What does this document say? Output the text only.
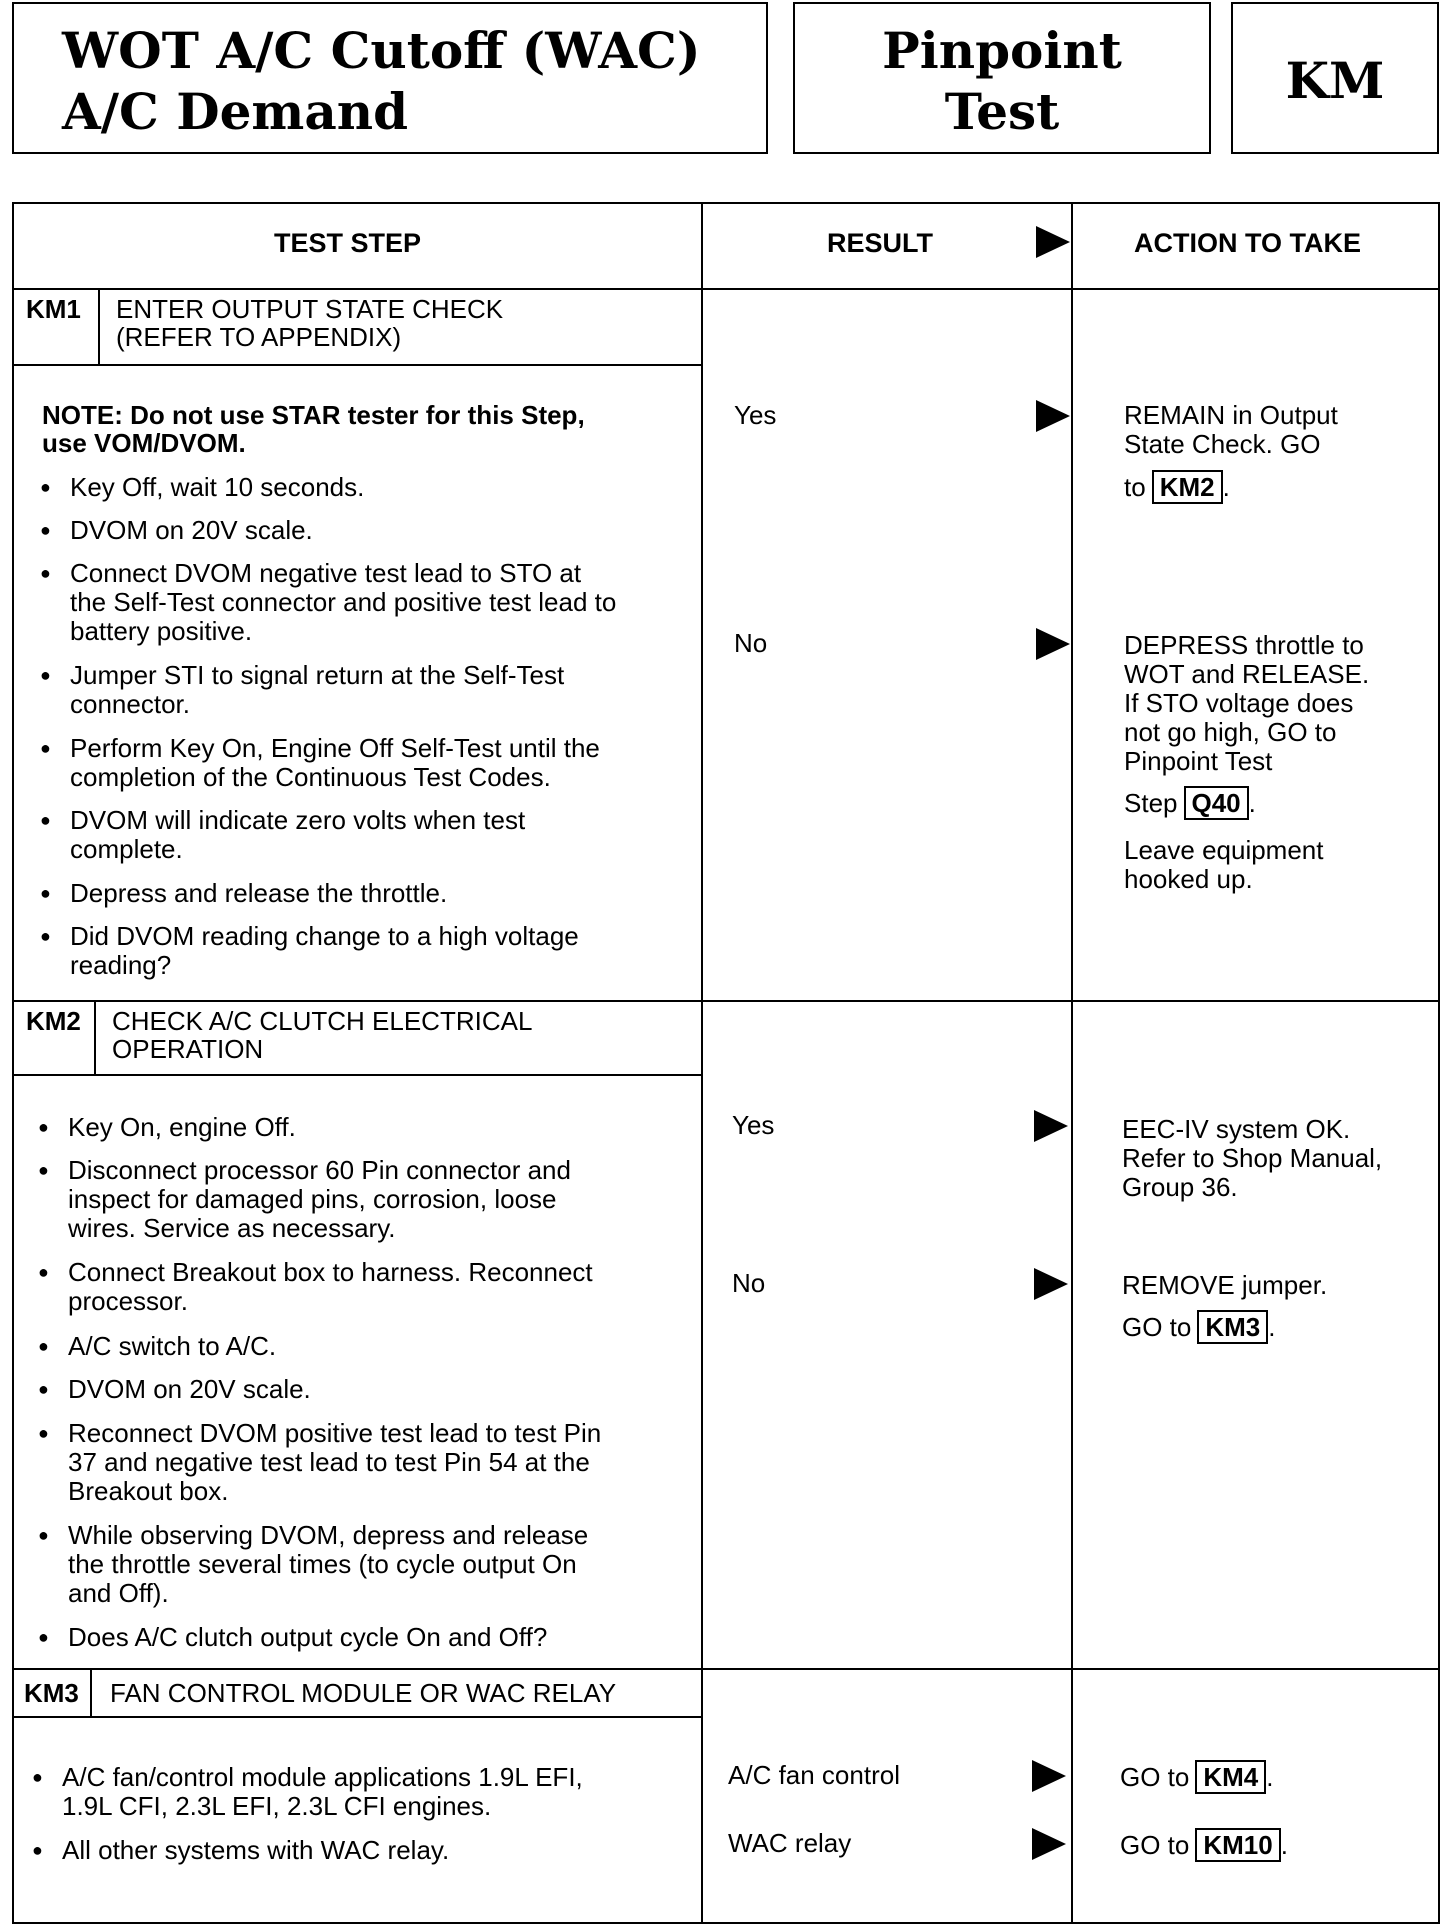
WOT A/C Cutoff (WAC)
A/C Demand
Pinpoint
Test
KM
TEST STEP	RESULT	ACTION TO TAKE
KM1 ENTER OUTPUT STATE CHECK
(REFER TO APPENDIX)
NOTE: Do not use STAR tester for this Step,
use VOM/DVOM.
● Key Off, wait 10 seconds.
● DVOM on 20V scale.
● Connect DVOM negative test lead to STO at
the Self-Test connector and positive test lead to
battery positive.
● Jumper STI to signal return at the Self-Test
connector.
● Perform Key On, Engine Off Self-Test until the
completion of the Continuous Test Codes.
● DVOM will indicate zero volts when test
complete.
● Depress and release the throttle.
● Did DVOM reading change to a high voltage
reading?
Yes	REMAIN in Output
State Check. GO
to KM2 .
No	DEPRESS throttle to
WOT and RELEASE.
If STO voltage does
not go high, GO to
Pinpoint Test
Step Q40 .
Leave equipment
hooked up.
KM2 CHECK A/C CLUTCH ELECTRICAL
OPERATION
● Key On, engine Off.
● Disconnect processor 60 Pin connector and
inspect for damaged pins, corrosion, loose
wires. Service as necessary.
● Connect Breakout box to harness. Reconnect
processor.
● A/C switch to A/C.
● DVOM on 20V scale.
● Reconnect DVOM positive test lead to test Pin
37 and negative test lead to test Pin 54 at the
Breakout box.
● While observing DVOM, depress and release
the throttle several times (to cycle output On
and Off).
● Does A/C clutch output cycle On and Off?
Yes	EEC-IV system OK.
Refer to Shop Manual,
Group 36.
No	REMOVE jumper.
GO to KM3 .
KM3 FAN CONTROL MODULE OR WAC RELAY
● A/C fan/control module applications 1.9L EFI,
1.9L CFI, 2.3L EFI, 2.3L CFI engines.
● All other systems with WAC relay.
A/C fan control	GO to KM4 .
WAC relay	GO to KM10 .
